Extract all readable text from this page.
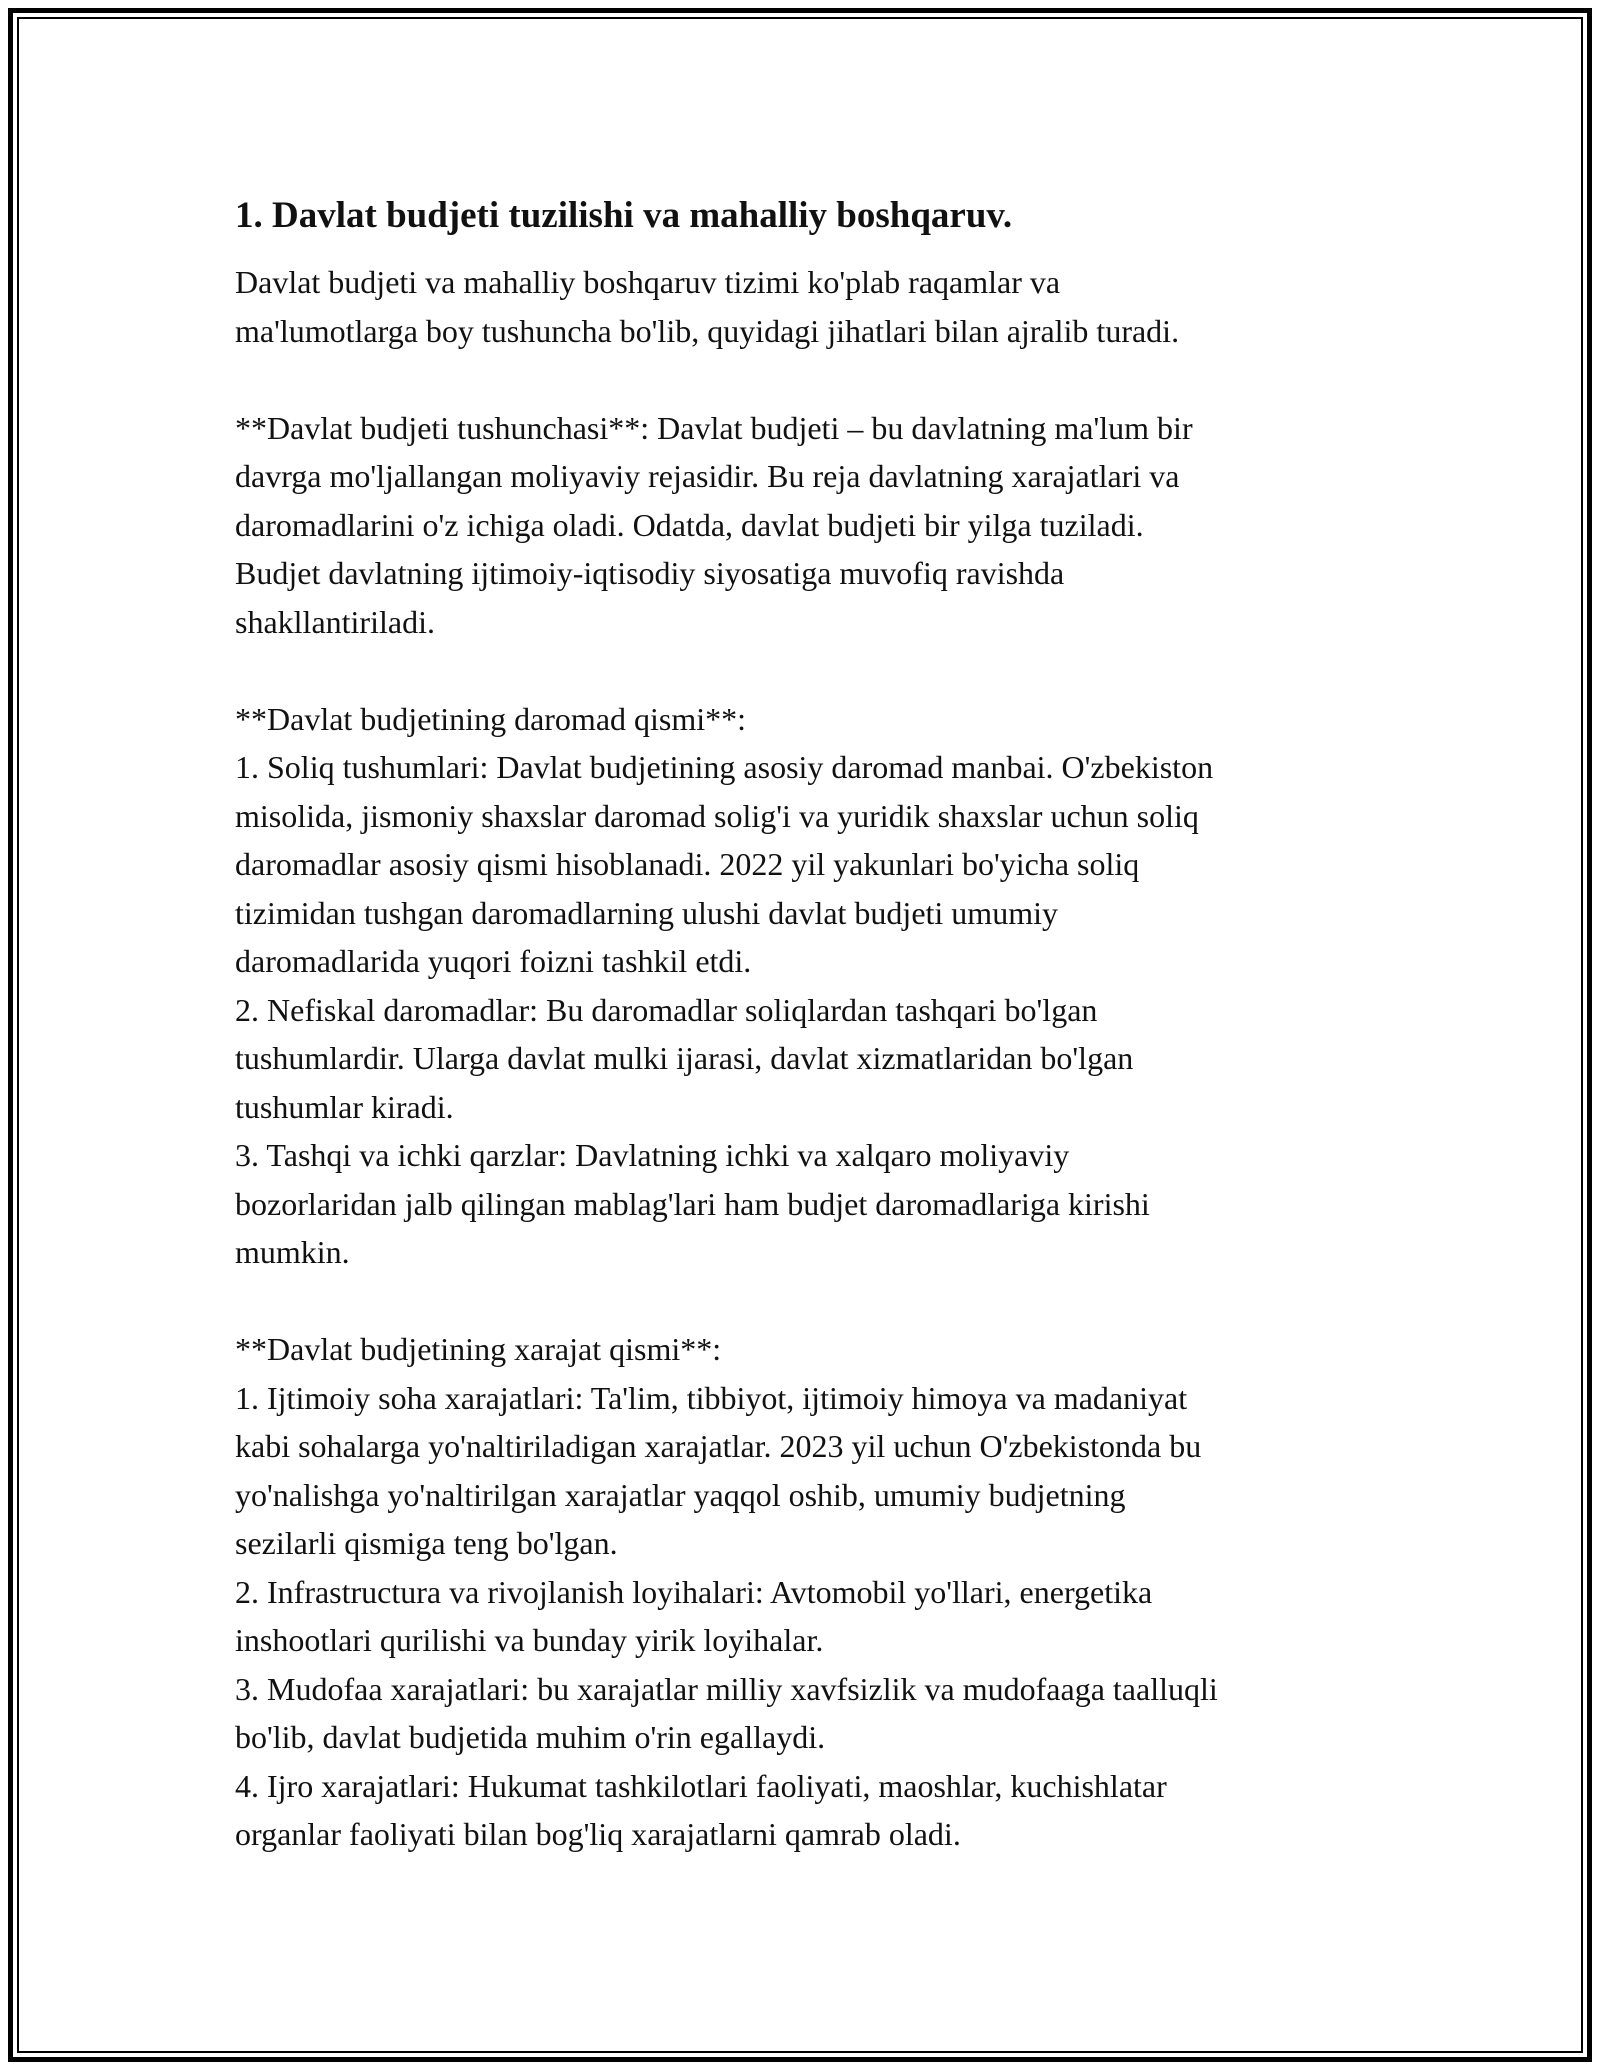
1. Davlat budjeti tuzilishi va mahalliy boshqaruv.
Davlat budjeti va mahalliy boshqaruv tizimi ko'plab raqamlar va
ma'lumotlarga boy tushuncha bo'lib, quyidagi jihatlari bilan ajralib turadi.
**Davlat budjeti tushunchasi**: Davlat budjeti – bu davlatning ma'lum bir
davrga mo'ljallangan moliyaviy rejasidir. Bu reja davlatning xarajatlari va
daromadlarini o'z ichiga oladi. Odatda, davlat budjeti bir yilga tuziladi.
Budjet davlatning ijtimoiy-iqtisodiy siyosatiga muvofiq ravishda
shakllantiriladi.
**Davlat budjetining daromad qismi**:
1. Soliq tushumlari: Davlat budjetining asosiy daromad manbai. O'zbekiston
misolida, jismoniy shaxslar daromad solig'i va yuridik shaxslar uchun soliq
daromadlar asosiy qismi hisoblanadi. 2022 yil yakunlari bo'yicha soliq
tizimidan tushgan daromadlarning ulushi davlat budjeti umumiy
daromadlarida yuqori foizni tashkil etdi.
2. Nefiskal daromadlar: Bu daromadlar soliqlardan tashqari bo'lgan
tushumlardir. Ularga davlat mulki ijarasi, davlat xizmatlaridan bo'lgan
tushumlar kiradi.
3. Tashqi va ichki qarzlar: Davlatning ichki va xalqaro moliyaviy
bozorlaridan jalb qilingan mablag'lari ham budjet daromadlariga kirishi
mumkin.
**Davlat budjetining xarajat qismi**:
1. Ijtimoiy soha xarajatlari: Ta'lim, tibbiyot, ijtimoiy himoya va madaniyat
kabi sohalarga yo'naltiriladigan xarajatlar. 2023 yil uchun O'zbekistonda bu
yo'nalishga yo'naltirilgan xarajatlar yaqqol oshib, umumiy budjetning
sezilarli qismiga teng bo'lgan.
2. Infrastructura va rivojlanish loyihalari: Avtomobil yo'llari, energetika
inshootlari qurilishi va bunday yirik loyihalar.
3. Mudofaa xarajatlari: bu xarajatlar milliy xavfsizlik va mudofaaga taalluqli
bo'lib, davlat budjetida muhim o'rin egallaydi.
4. Ijro xarajatlari: Hukumat tashkilotlari faoliyati, maoshlar, kuchishlatar
organlar faoliyati bilan bog'liq xarajatlarni qamrab oladi.
